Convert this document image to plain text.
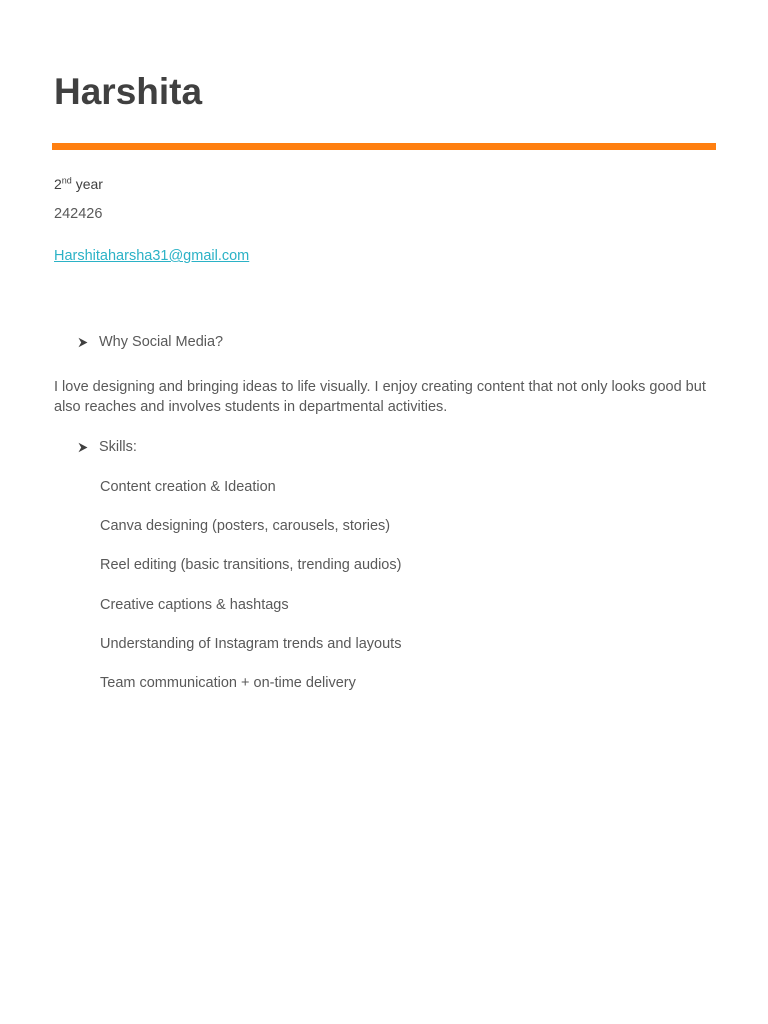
Harshita
2nd year
242426
Harshitaharsha31@gmail.com
Why Social Media?

I love designing and bringing ideas to life visually. I enjoy creating content that not only looks good but also reaches and involves students in departmental activities.

Skills:
Content creation & Ideation
Canva designing (posters, carousels, stories)
Reel editing (basic transitions, trending audios)
Creative captions & hashtags
Understanding of Instagram trends and layouts
Team communication + on-time delivery
